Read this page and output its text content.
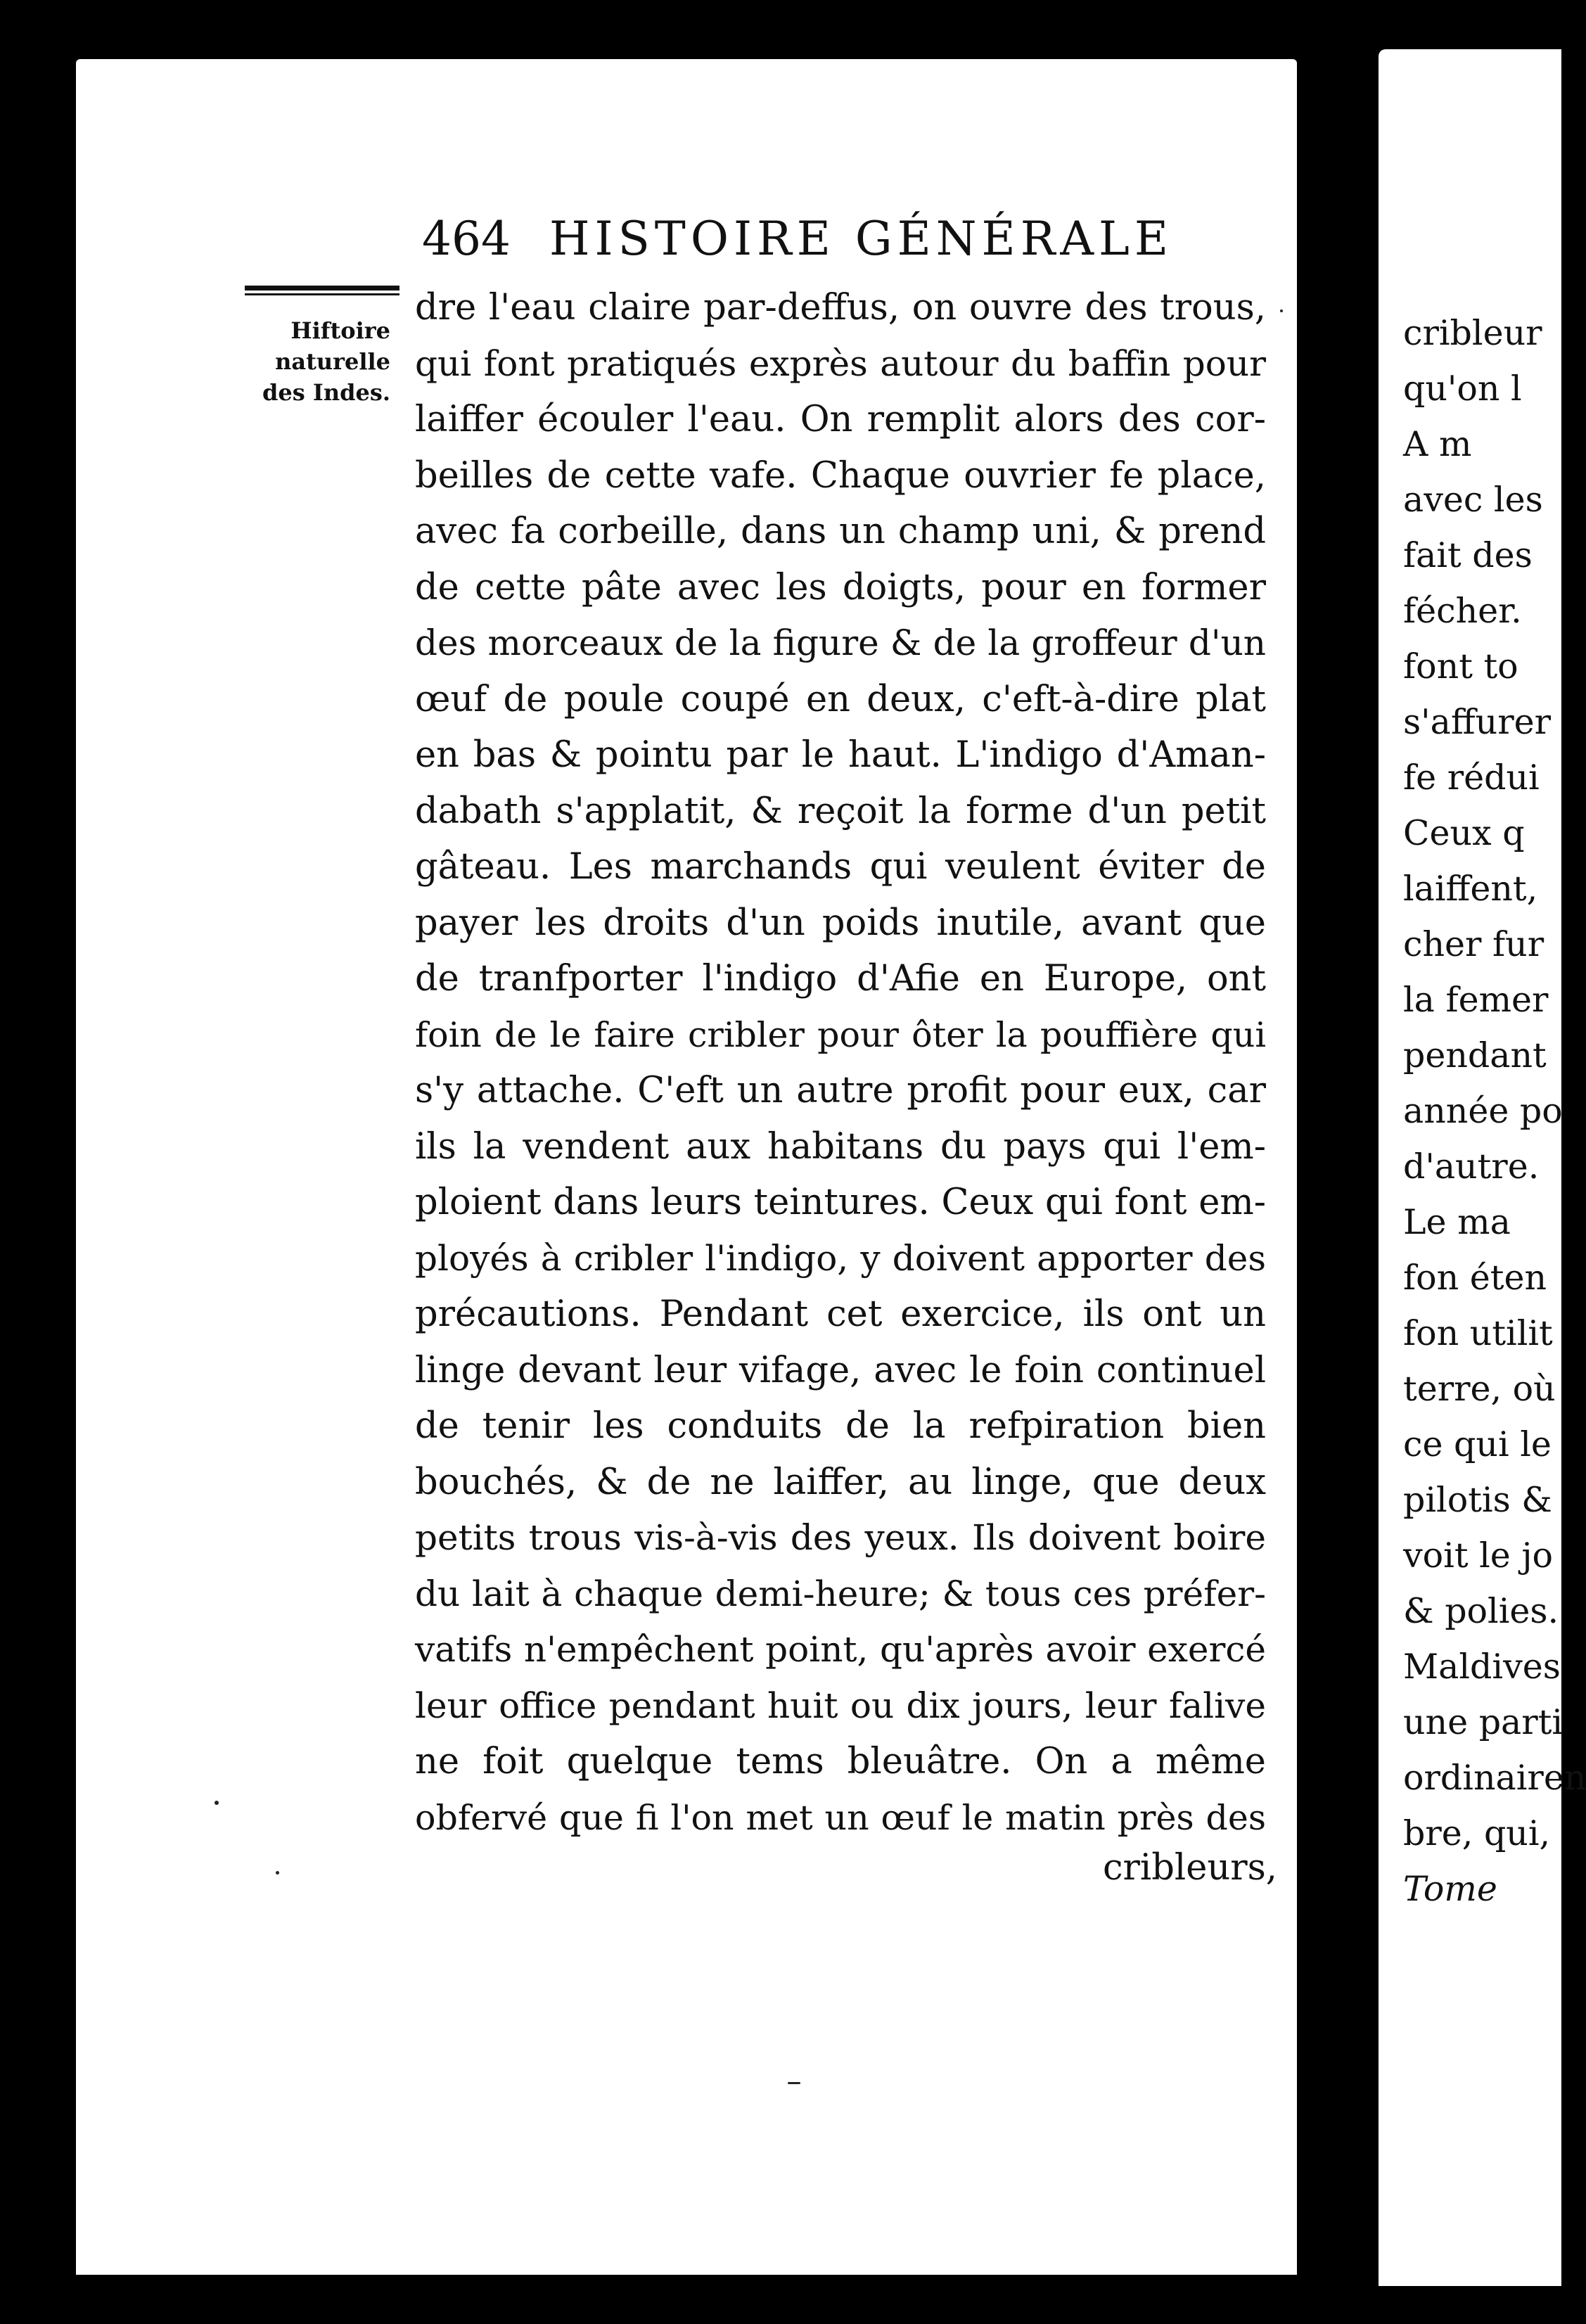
464 HISTOIRE GÉNÉRALE
Hiftoire
naturelle
des Indes.
dre l'eau claire par-deffus, on ouvre des trous,
qui font pratiqués exprès autour du baffin pour
laiffer écouler l'eau. On remplit alors des cor-
beilles de cette vafe. Chaque ouvrier fe place,
avec fa corbeille, dans un champ uni, & prend
de cette pâte avec les doigts, pour en former
des morceaux de la figure & de la groffeur d'un
œuf de poule coupé en deux, c'eft-à-dire plat
en bas & pointu par le haut. L'indigo d'Aman-
dabath s'applatit, & reçoit la forme d'un petit
gâteau. Les marchands qui veulent éviter de
payer les droits d'un poids inutile, avant que
de tranfporter l'indigo d'Afie en Europe, ont
foin de le faire cribler pour ôter la pouffière qui
s'y attache. C'eft un autre profit pour eux, car
ils la vendent aux habitans du pays qui l'em-
ploient dans leurs teintures. Ceux qui font em-
ployés à cribler l'indigo, y doivent apporter des
précautions. Pendant cet exercice, ils ont un
linge devant leur vifage, avec le foin continuel
de tenir les conduits de la refpiration bien
bouchés, & de ne laiffer, au linge, que deux
petits trous vis-à-vis des yeux. Ils doivent boire
du lait à chaque demi-heure; & tous ces préfer-
vatifs n'empêchent point, qu'après avoir exercé
leur office pendant huit ou dix jours, leur falive
ne foit quelque tems bleuâtre. On a même
obfervé que fi l'on met un œuf le matin près des
cribleurs,
cribleur
qu'on l
A m
avec les
fait des
fécher.
font to
s'affurer
fe rédui
Ceux q
laiffent,
cher fur
la femer
pendant
année po
d'autre.
Le ma
fon éten
fon utilit
terre, où
ce qui le
pilotis &
voit le jo
& polies.
Maldives
une parti
ordinairen
bre, qui,
Tome
